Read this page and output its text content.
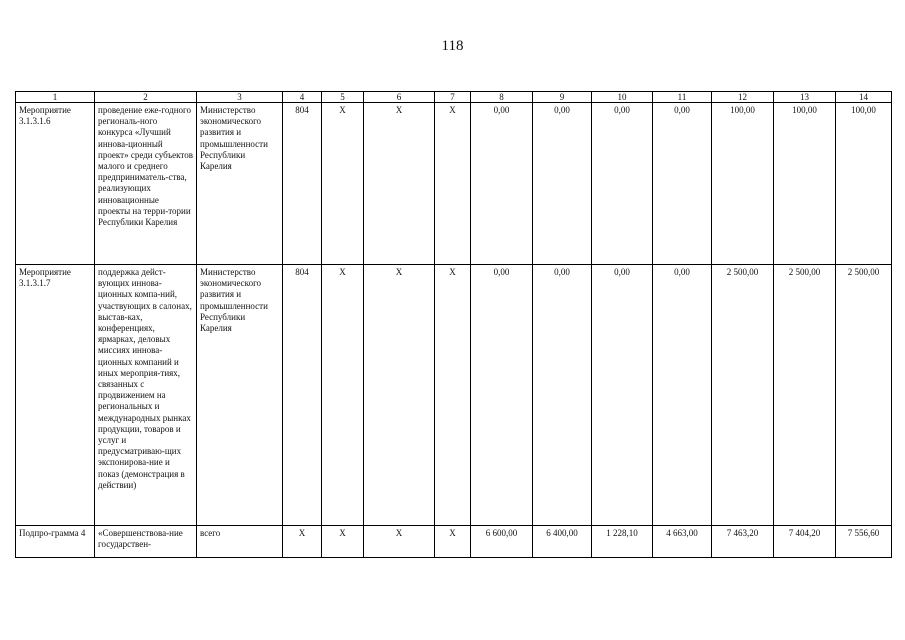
118
1	2	3	4	5	6	7	8	9	10	11	12	13	14
Мероприятие 3.1.3.1.6	проведение еже-годного региональ-ного конкурса «Лучший иннова-ционный проект» среди субъектов малого и среднего предприниматель-ства, реализующих инновационные проекты на терри-тории Республики Карелия	Министерство экономического развития и промышленности Республики Карелия	804	Х	Х	Х	0,00	0,00	0,00	0,00	100,00	100,00	100,00
Мероприятие 3.1.3.1.7	поддержка дейст-вующих иннова-ционных компа-ний, участвующих в салонах, выстав-ках, конференциях, ярмарках, деловых миссиях иннова-ционных компаний и иных мероприя-тиях, связанных с продвижением на региональных и международных рынках продукции, товаров и услуг и предусматриваю-щих экспонирова-ние и показ (демонстрация в действии)	Министерство экономического развития и промышленности Республики Карелия	804	Х	Х	Х	0,00	0,00	0,00	0,00	2 500,00	2 500,00	2 500,00
Подпро-грамма 4	«Совершенствова-ние государствен-	всего	Х	Х	Х	Х	6 600,00	6 400,00	1 228,10	4 663,00	7 463,20	7 404,20	7 556,60
